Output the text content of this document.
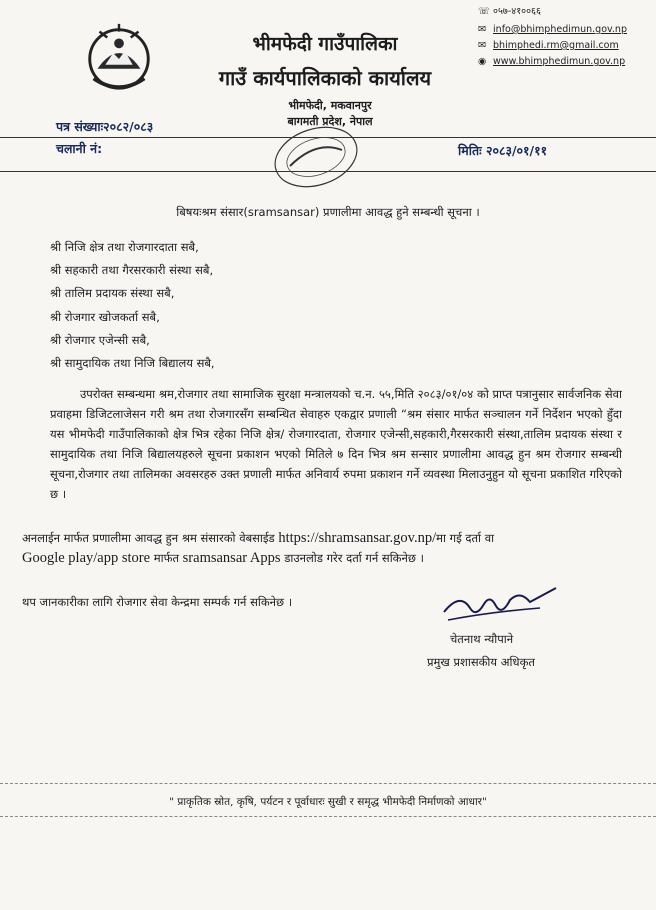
भीमफेदी गाउँपालिका
गाउँ कार्यपालिकाको कार्यालय
भीमफेदी, मकवानपुर
बागमती प्रदेश, नेपाल
☏ ०५७-४१००६६
✉ info@bhimphedimun.gov.np
✉ bhimphedi.rm@gmail.com
◉ www.bhimphedimun.gov.np
पत्र संख्याः२०८२/०८३
चलानी नं:	मितिः २०८३/०१/११
बिषयःश्रम संसार(sramsansar) प्रणालीमा आवद्ध हुने सम्बन्धी सूचना ।
श्री निजि क्षेत्र तथा रोजगारदाता सबै,
श्री सहकारी तथा गैरसरकारी संस्था सबै,
श्री तालिम प्रदायक संस्था सबै,
श्री रोजगार खोजकर्ता सबै,
श्री रोजगार एजेन्सी सबै,
श्री सामुदायिक तथा निजि बिद्यालय सबै,
उपरोक्त सम्बन्धमा श्रम,रोजगार तथा सामाजिक सुरक्षा मन्त्रालयको च.न. ५५,मिति २०८३/०१/०४ को प्राप्त पत्रानुसार सार्वजनिक सेवा प्रवाहमा डिजिटलाजेसन गरी श्रम तथा रोजगारसँग सम्बन्धित सेवाहरु एकद्वार प्रणाली “श्रम संसार मार्फत सञ्चालन गर्ने निर्देशन भएको हुँदा यस भीमफेदी गाउँपालिकाको क्षेत्र भित्र रहेका निजि क्षेत्र/ रोजगारदाता, रोजगार एजेन्सी,सहकारी,गैरसरकारी संस्था,तालिम प्रदायक संस्था र सामुदायिक तथा निजि बिद्यालयहरुले सूचना प्रकाशन भएको मितिले ७ दिन भित्र श्रम सन्सार प्रणालीमा आवद्ध हुन श्रम रोजगार सम्बन्धी सूचना,रोजगार तथा तालिमका अवसरहरु उक्त प्रणाली मार्फत अनिवार्य रुपमा प्रकाशन गर्ने व्यवस्था मिलाउनुहुन यो सूचना प्रकाशित गरिएको छ ।
अनलाईन मार्फत प्रणालीमा आवद्ध हुन श्रम संसारको वेबसाईड https://shramsansar.gov.np/मा गई दर्ता वा
Google play/app store मार्फत sramsansar Apps डाउनलोड गरेर दर्ता गर्न सकिनेछ ।
थप जानकारीका लागि रोजगार सेवा केन्द्रमा सम्पर्क गर्न सकिनेछ ।
चेतनाथ न्यौपाने
प्रमुख प्रशासकीय अधिकृत
" प्राकृतिक स्रोत, कृषि, पर्यटन र पूर्वाधारः सुखी र समृद्ध भीमफेदी निर्माणको आधार"
